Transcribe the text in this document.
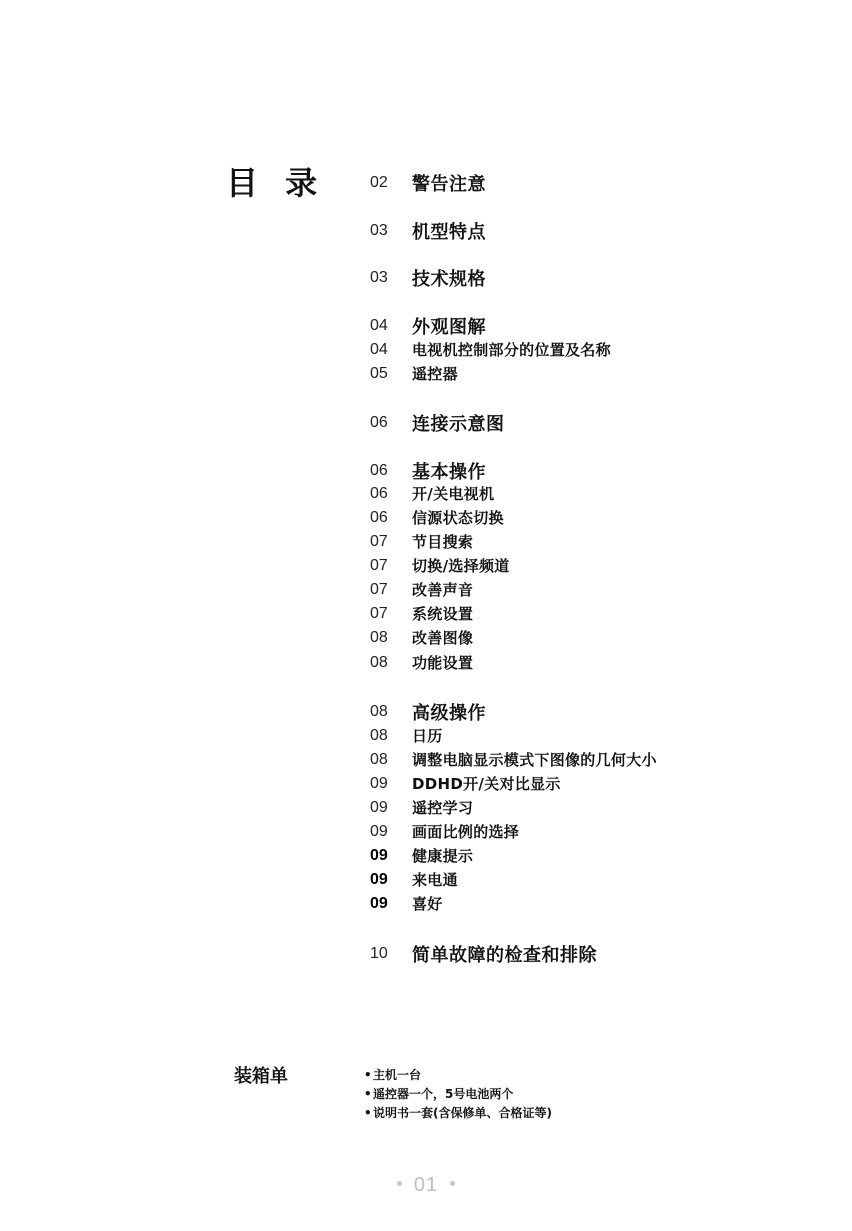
目 录	02	警告注意
03	机型特点
03	技术规格
04	外观图解
04	电视机控制部分的位置及名称
05	遥控器
06	连接示意图
06	基本操作
06	开/关电视机
06	信源状态切换
07	节目搜索
07	切换/选择频道
07	改善声音
07	系统设置
08	改善图像
08	功能设置
08	高级操作
08	日历
08	调整电脑显示模式下图像的几何大小
09	DDHD开/关对比显示
09	遥控学习
09	画面比例的选择
09	健康提示
09	来电通
09	喜好
10	简单故障的检查和排除
装箱单	•主机一台
•遥控器一个，5号电池两个
•说明书一套(含保修单、合格证等)
01
